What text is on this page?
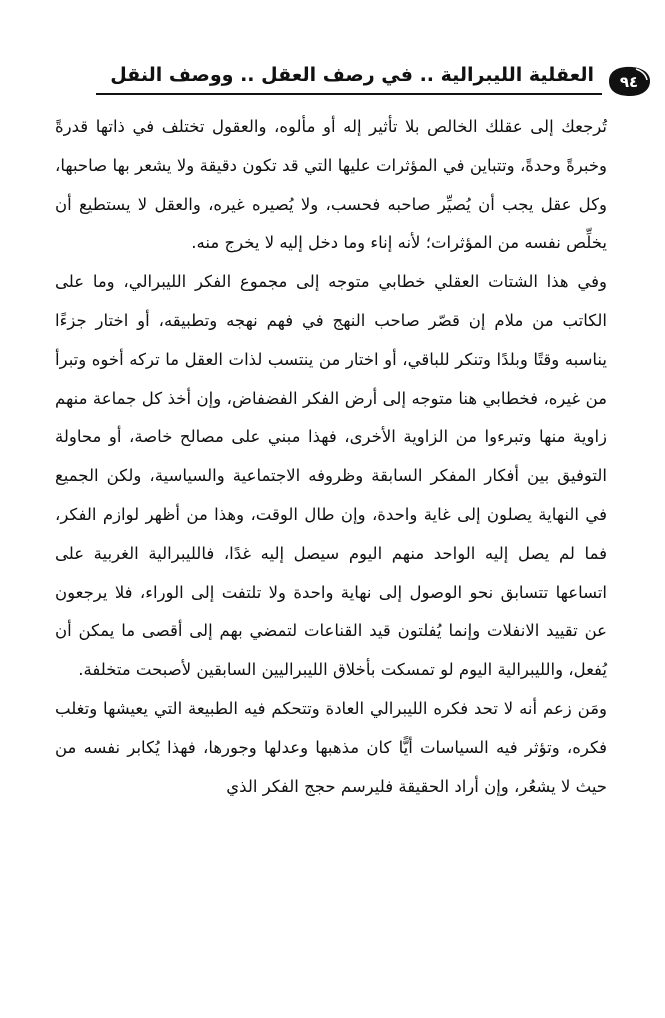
٩٤
العقلية الليبرالية .. في رصف العقل .. ووصف النقل

تُرجعك إلى عقلك الخالص بلا تأثير إله أو مألوه، والعقول تختلف في ذاتها قدرةً وخبرةً وحدةً، وتتباين في المؤثرات عليها التي قد تكون دقيقة ولا يشعر بها صاحبها، وكل عقل يجب أن يُصيِّر صاحبه فحسب، ولا يُصيره غيره، والعقل لا يستطيع أن يخلِّص نفسه من المؤثرات؛ لأنه إناء وما دخل إليه لا يخرج منه.

وفي هذا الشتات العقلي خطابي متوجه إلى مجموع الفكر الليبرالي، وما على الكاتب من ملام إن قصّر صاحب النهج في فهم نهجه وتطبيقه، أو اختار جزءًا يناسبه وقتًا وبلدًا وتنكر للباقي، أو اختار من ينتسب لذات العقل ما تركه أخوه وتبرأ من غيره، فخطابي هنا متوجه إلى أرض الفكر الفضفاض، وإن أخذ كل جماعة منهم زاوية منها وتبرءوا من الزاوية الأخرى، فهذا مبني على مصالح خاصة، أو محاولة التوفيق بين أفكار المفكر السابقة وظروفه الاجتماعية والسياسية، ولكن الجميع في النهاية يصلون إلى غاية واحدة، وإن طال الوقت، وهذا من أظهر لوازم الفكر، فما لم يصل إليه الواحد منهم اليوم سيصل إليه غدًا، فالليبرالية الغربية على اتساعها تتسابق نحو الوصول إلى نهاية واحدة ولا تلتفت إلى الوراء، فلا يرجعون عن تقييد الانفلات وإنما يُفلتون قيد القناعات لتمضي بهم إلى أقصى ما يمكن أن يُفعل، والليبرالية اليوم لو تمسكت بأخلاق الليبراليين السابقين لأصبحت متخلفة.

ومَن زعم أنه لا تحد فكره الليبرالي العادة وتتحكم فيه الطبيعة التي يعيشها وتغلب فكره، وتؤثر فيه السياسات أيًّا كان مذهبها وعدلها وجورها، فهذا يُكابر نفسه من حيث لا يشعُر، وإن أراد الحقيقة فليرسم حجج الفكر الذي
